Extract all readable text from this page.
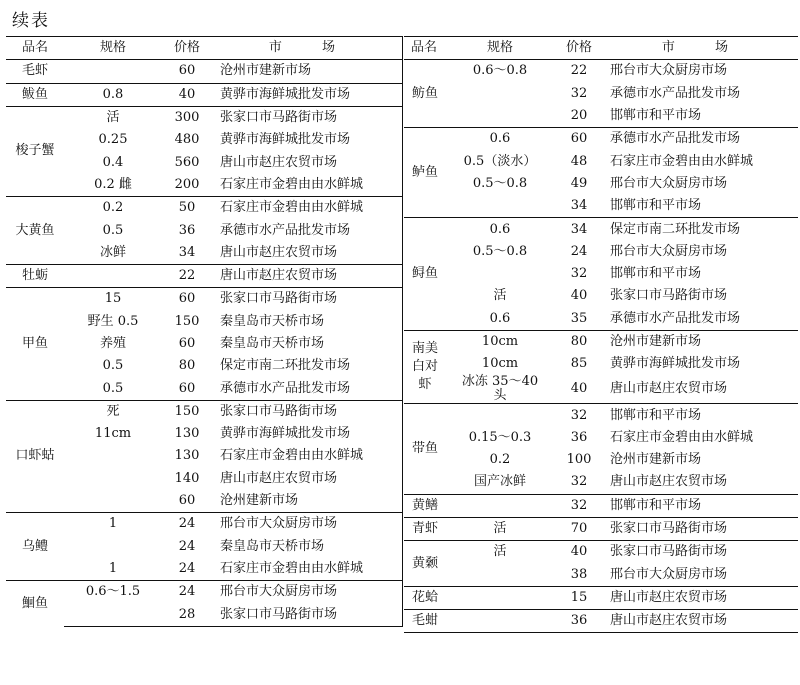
续表
品名	规格	价格	市 场
毛虾		60	沧州市建新市场
鲅鱼	0.8	40	黄骅市海鲜城批发市场
梭子蟹	活	300	张家口市马路街市场
	0.25	480	黄骅市海鲜城批发市场
	0.4	560	唐山市赵庄农贸市场
	0.2 雌	200	石家庄市金碧由由水鲜城
大黄鱼	0.2	50	石家庄市金碧由由水鲜城
	0.5	36	承德市水产品批发市场
	冰鲜	34	唐山市赵庄农贸市场
牡蛎		22	唐山市赵庄农贸市场
甲鱼	15	60	张家口市马路街市场
	野生 0.5	150	秦皇岛市天桥市场
	养殖	60	秦皇岛市天桥市场
	0.5	80	保定市南二环批发市场
	0.5	60	承德市水产品批发市场
口虾蛄	死	150	张家口市马路街市场
	11cm	130	黄骅市海鲜城批发市场
		130	石家庄市金碧由由水鲜城
		140	唐山市赵庄农贸市场
		60	沧州建新市场
乌鳢	1	24	邢台市大众厨房市场
		24	秦皇岛市天桥市场
	1	24	石家庄市金碧由由水鲜城
鮰鱼	0.6～1.5	24	邢台市大众厨房市场
		28	张家口市马路街市场
品名	规格	价格	市 场
鲂鱼	0.6～0.8	22	邢台市大众厨房市场
		32	承德市水产品批发市场
		20	邯郸市和平市场
鲈鱼	0.6	60	承德市水产品批发市场
	0.5（淡水）	48	石家庄市金碧由由水鲜城
	0.5～0.8	49	邢台市大众厨房市场
		34	邯郸市和平市场
鲟鱼	0.6	34	保定市南二环批发市场
	0.5～0.8	24	邢台市大众厨房市场
		32	邯郸市和平市场
	活	40	张家口市马路街市场
	0.6	35	承德市水产品批发市场
南美白对虾	10cm	80	沧州市建新市场
	10cm	85	黄骅市海鲜城批发市场
	冰冻 35～40 头	40	唐山市赵庄农贸市场
带鱼		32	邯郸市和平市场
	0.15～0.3	36	石家庄市金碧由由水鲜城
	0.2	100	沧州市建新市场
	国产冰鲜	32	唐山市赵庄农贸市场
黄鳝		32	邯郸市和平市场
青虾	活	70	张家口市马路街市场
黄颡	活	40	张家口市马路街市场
		38	邢台市大众厨房市场
花蛤		15	唐山市赵庄农贸市场
毛蚶		36	唐山市赵庄农贸市场
